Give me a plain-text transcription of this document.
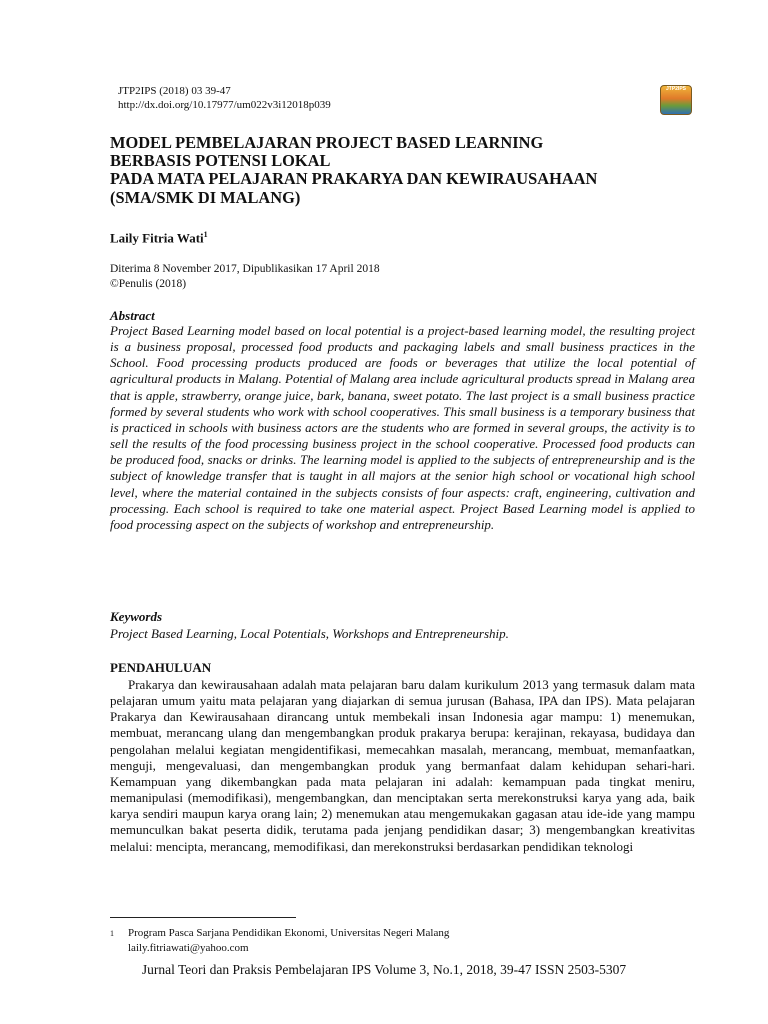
JTP2IPS (2018) 03 39-47
http://dx.doi.org/10.17977/um022v3i12018p039
JTP2IPS
MODEL PEMBELAJARAN PROJECT BASED LEARNING
BERBASIS POTENSI LOKAL
PADA MATA PELAJARAN PRAKARYA DAN KEWIRAUSAHAAN
(SMA/SMK DI MALANG)
Laily Fitria Wati$^1$
Diterima 8 November 2017, Dipublikasikan 17 April 2018
©Penulis (2018)
Abstract

Project Based Learning model based on local potential is a project-based learning model, the resulting project is a business proposal, processed food products and packaging labels and small business practices in the School. Food processing products produced are foods or beverages that utilize the local potential of agricultural products in Malang. Potential of Malang area include agricultural products spread in Malang area that is apple, strawberry, orange juice, bark, banana, sweet potato. The last project is a small business practice formed by several students who work with school cooperatives. This small business is a temporary business that is practiced in schools with business actors are the students who are formed in several groups, the activity is to sell the results of the food processing business project in the school cooperative. Processed food products can be produced food, snacks or drinks. The learning model is applied to the subjects of entrepreneurship and is the subject of knowledge transfer that is taught in all majors at the senior high school or vocational high school level, where the material contained in the subjects consists of four aspects: craft, engineering, cultivation and processing. Each school is required to take one material aspect. Project Based Learning model is applied to food processing aspect on the subjects of workshop and entrepreneurship.

Keywords
Project Based Learning, Local Potentials, Workshops and Entrepreneurship.
PENDAHULUAN

Prakarya dan kewirausahaan adalah mata pelajaran baru dalam kurikulum 2013 yang termasuk dalam mata pelajaran umum yaitu mata pelajaran yang diajarkan di semua jurusan (Bahasa, IPA dan IPS). Mata pelajaran Prakarya dan Kewirausahaan dirancang untuk membekali insan Indonesia agar mampu: 1) menemukan, membuat, merancang ulang dan mengembangkan produk prakarya berupa: kerajinan, rekayasa, budidaya dan pengolahan melalui kegiatan mengidentifikasi, memecahkan masalah, merancang, membuat, memanfaatkan, menguji, mengevaluasi, dan mengembangkan produk yang bermanfaat dalam kehidupan sehari-hari. Kemampuan yang dikembangkan pada mata pelajaran ini adalah: kemampuan pada tingkat meniru, memanipulasi (memodifikasi), mengembangkan, dan menciptakan serta merekonstruksi karya yang ada, baik karya sendiri maupun karya orang lain; 2) menemukan atau mengemukakan gagasan atau ide-ide yang mampu memunculkan bakat peserta didik, terutama pada jenjang pendidikan dasar; 3) mengembangkan kreativitas melalui: mencipta, merancang, memodifikasi, dan merekonstruksi berdasarkan pendidikan teknologi

1 Program Pasca Sarjana Pendidikan Ekonomi, Universitas Negeri Malang
laily.fitriawati@yahoo.com
Jurnal Teori dan Praksis Pembelajaran IPS Volume 3, No.1, 2018, 39-47 ISSN 2503-5307
